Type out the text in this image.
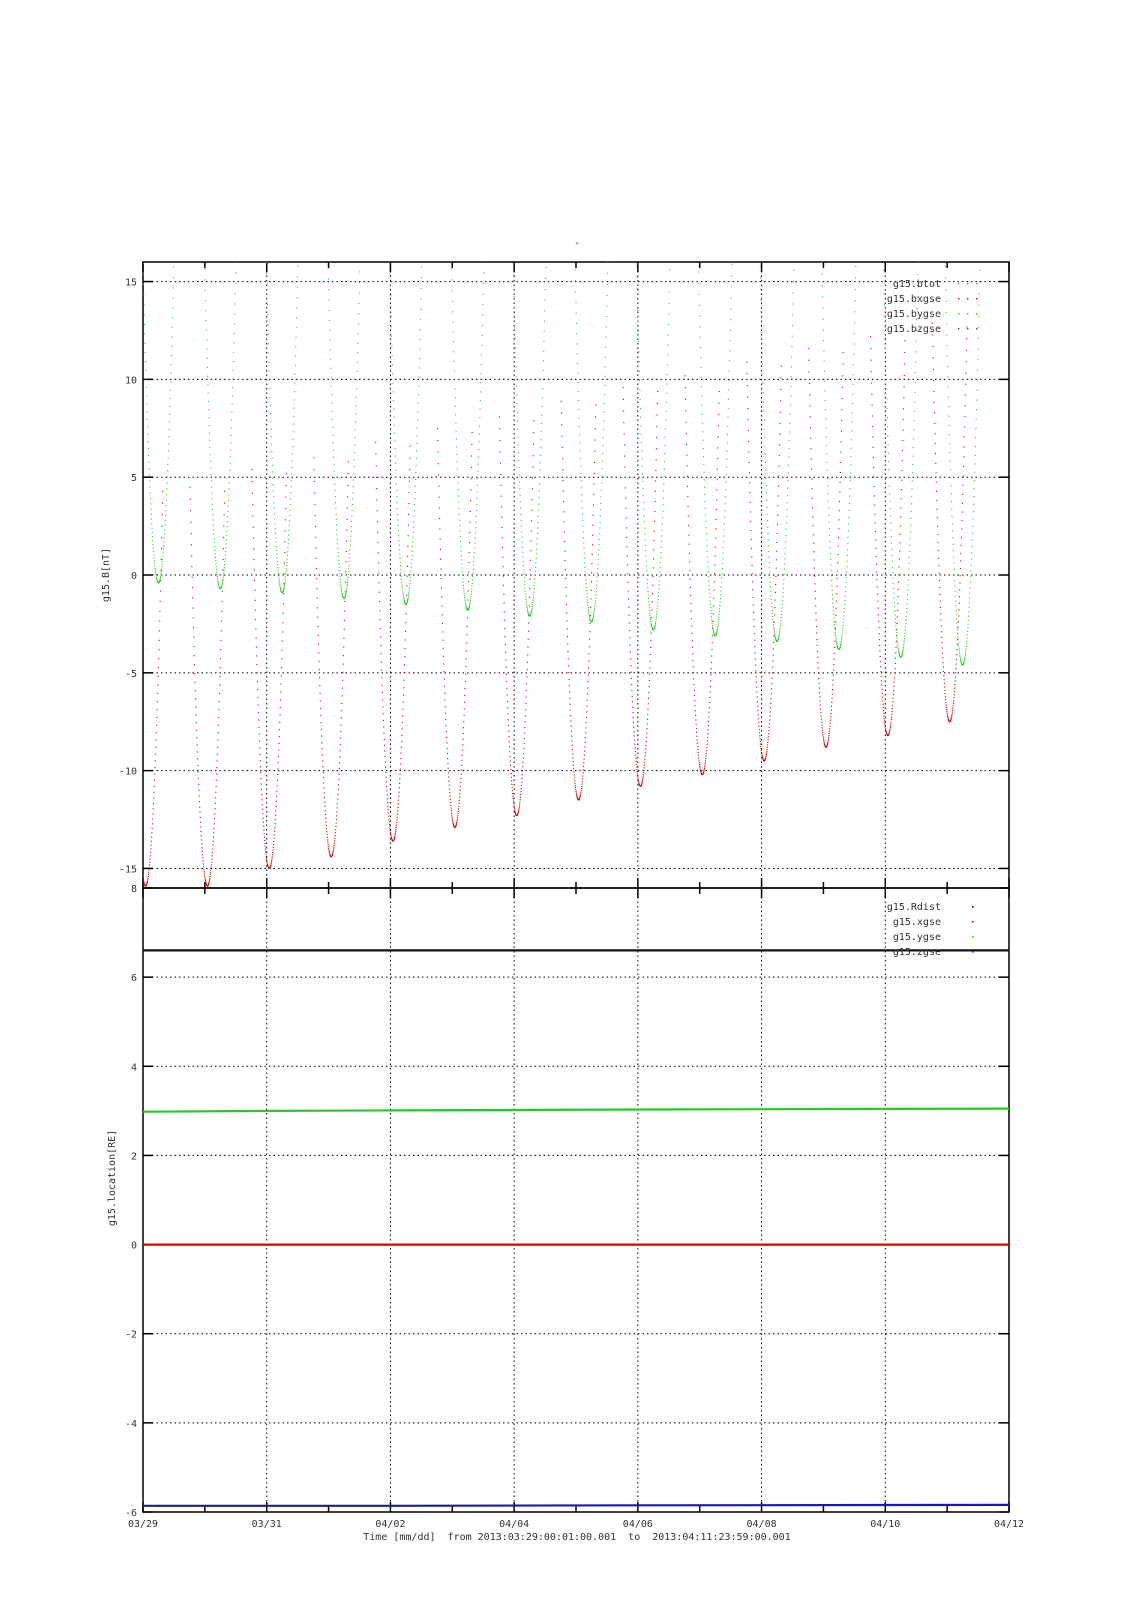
-
-15
-10
-5
0
5
10
15	g15.btot
g15.bxgse
g15.bygse
g15.bzgse
-6
-4
-2
0
2
4
6
8
03/29	03/31	04/02	04/04	04/06	04/08	04/10	04/12
g15.Rdist
g15.xgse
g15.ygse
g15.zgse
g15.B[nT]
g15.location[RE]
Time [mm/dd]  from 2013:03:29:00:01:00.001  to  2013:04:11:23:59:00.001
